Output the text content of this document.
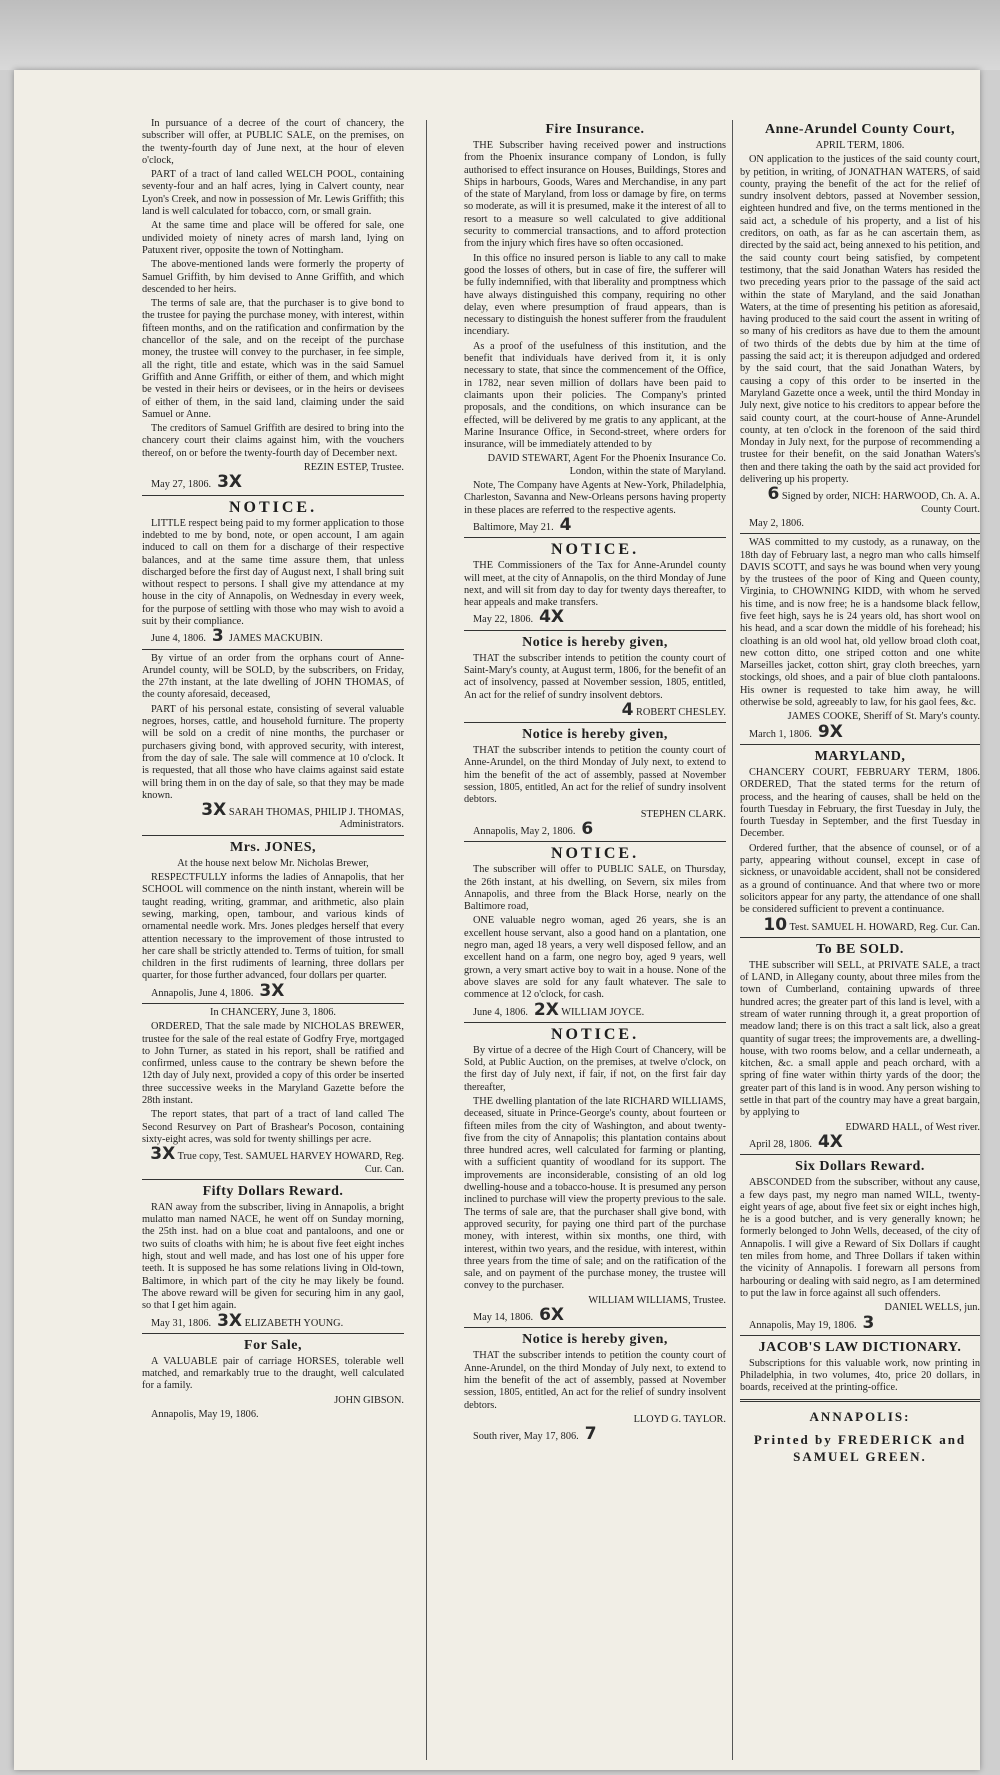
In pursuance of a decree of the court of chancery, the subscriber will offer, at PUBLIC SALE, on the premises, on the twenty-fourth day of June next, at the hour of eleven o'clock,

PART of a tract of land called WELCH POOL, containing seventy-four and an half acres, lying in Calvert county, near Lyon's Creek, and now in possession of Mr. Lewis Griffith; this land is well calculated for tobacco, corn, or small grain.

At the same time and place will be offered for sale, one undivided moiety of ninety acres of marsh land, lying on Patuxent river, opposite the town of Nottingham.

The above-mentioned lands were formerly the property of Samuel Griffith, by him devised to Anne Griffith, and which descended to her heirs.

The terms of sale are, that the purchaser is to give bond to the trustee for paying the purchase money, with interest, within fifteen months, and on the ratification and confirmation by the chancellor of the sale, and on the receipt of the purchase money, the trustee will convey to the purchaser, in fee simple, all the right, title and estate, which was in the said Samuel Griffith and Anne Griffith, or either of them, and which might be vested in their heirs or devisees, or in the heirs or devisees of either of them, in the said land, claiming under the said Samuel or Anne.

The creditors of Samuel Griffith are desired to bring into the chancery court their claims against him, with the vouchers thereof, on or before the twenty-fourth day of December next.

REZIN ESTEP, Trustee.

May 27, 1806. 3X

NOTICE.

LITTLE respect being paid to my former application to those indebted to me by bond, note, or open account, I am again induced to call on them for a discharge of their respective balances, and at the same time assure them, that unless discharged before the first day of August next, I shall bring suit without respect to persons. I shall give my attendance at my house in the city of Annapolis, on Wednesday in every week, for the purpose of settling with those who may wish to avoid a suit by their compliance.

June 4, 1806. 3 JAMES MACKUBIN.

By virtue of an order from the orphans court of Anne-Arundel county, will be SOLD, by the subscribers, on Friday, the 27th instant, at the late dwelling of JOHN THOMAS, of the county aforesaid, deceased,

PART of his personal estate, consisting of several valuable negroes, horses, cattle, and household furniture. The property will be sold on a credit of nine months, the purchaser or purchasers giving bond, with approved security, with interest, from the day of sale. The sale will commence at 10 o'clock. It is requested, that all those who have claims against said estate will bring them in on the day of sale, so that they may be made known.

3X SARAH THOMAS, PHILIP J. THOMAS, Administrators.

Mrs. JONES,

At the house next below Mr. Nicholas Brewer,

RESPECTFULLY informs the ladies of Annapolis, that her SCHOOL will commence on the ninth instant, wherein will be taught reading, writing, grammar, and arithmetic, also plain sewing, marking, open, tambour, and various kinds of ornamental needle work. Mrs. Jones pledges herself that every attention necessary to the improvement of those intrusted to her care shall be strictly attended to. Terms of tuition, for small children in the first rudiments of learning, three dollars per quarter, for those further advanced, four dollars per quarter.

Annapolis, June 4, 1806. 3X

In CHANCERY, June 3, 1806.

ORDERED, That the sale made by NICHOLAS BREWER, trustee for the sale of the real estate of Godfry Frye, mortgaged to John Turner, as stated in his report, shall be ratified and confirmed, unless cause to the contrary be shewn before the 12th day of July next, provided a copy of this order be inserted three successive weeks in the Maryland Gazette before the 28th instant.

The report states, that part of a tract of land called The Second Resurvey on Part of Brashear's Pocoson, containing sixty-eight acres, was sold for twenty shillings per acre.

3X True copy, Test. SAMUEL HARVEY HOWARD, Reg. Cur. Can.

Fifty Dollars Reward.

RAN away from the subscriber, living in Annapolis, a bright mulatto man named NACE, he went off on Sunday morning, the 25th inst. had on a blue coat and pantaloons, and one or two suits of cloaths with him; he is about five feet eight inches high, stout and well made, and has lost one of his upper fore teeth. It is supposed he has some relations living in Old-town, Baltimore, in which part of the city he may likely be found. The above reward will be given for securing him in any gaol, so that I get him again.

May 31, 1806. 3X ELIZABETH YOUNG.

For Sale,

A VALUABLE pair of carriage HORSES, tolerable well matched, and remarkably true to the draught, well calculated for a family.

JOHN GIBSON.

Annapolis, May 19, 1806.

Fire Insurance.

THE Subscriber having received power and instructions from the Phoenix insurance company of London, is fully authorised to effect insurance on Houses, Buildings, Stores and Ships in harbours, Goods, Wares and Merchandise, in any part of the state of Maryland, from loss or damage by fire, on terms so moderate, as will it is presumed, make it the interest of all to resort to a measure so well calculated to give additional security to commercial transactions, and to afford protection from the injury which fires have so often occasioned.

In this office no insured person is liable to any call to make good the losses of others, but in case of fire, the sufferer will be fully indemnified, with that liberality and promptness which have always distinguished this company, requiring no other delay, even where presumption of fraud appears, than is necessary to distinguish the honest sufferer from the fraudulent incendiary.

As a proof of the usefulness of this institution, and the benefit that individuals have derived from it, it is only necessary to state, that since the commencement of the Office, in 1782, near seven million of dollars have been paid to claimants upon their policies. The Company's printed proposals, and the conditions, on which insurance can be effected, will be delivered by me gratis to any applicant, at the Marine Insurance Office, in Second-street, where orders for insurance, will be immediately attended to by

DAVID STEWART, Agent For the Phoenix Insurance Co. London, within the state of Maryland.

Note, The Company have Agents at New-York, Philadelphia, Charleston, Savanna and New-Orleans persons having property in these places are referred to the respective agents.

Baltimore, May 21. 4

NOTICE.

THE Commissioners of the Tax for Anne-Arundel county will meet, at the city of Annapolis, on the third Monday of June next, and will sit from day to day for twenty days thereafter, to hear appeals and make transfers.

May 22, 1806. 4X

Notice is hereby given,

THAT the subscriber intends to petition the county court of Saint-Mary's county, at August term, 1806, for the benefit of an act of insolvency, passed at November session, 1805, entitled, An act for the relief of sundry insolvent debtors.

4 ROBERT CHESLEY.

Notice is hereby given,

THAT the subscriber intends to petition the county court of Anne-Arundel, on the third Monday of July next, to extend to him the benefit of the act of assembly, passed at November session, 1805, entitled, An act for the relief of sundry insolvent debtors.

STEPHEN CLARK.

Annapolis, May 2, 1806. 6

NOTICE.

The subscriber will offer to PUBLIC SALE, on Thursday, the 26th instant, at his dwelling, on Severn, six miles from Annapolis, and three from the Black Horse, nearly on the Baltimore road,

ONE valuable negro woman, aged 26 years, she is an excellent house servant, also a good hand on a plantation, one negro man, aged 18 years, a very well disposed fellow, and an excellent hand on a farm, one negro boy, aged 9 years, well grown, a very smart active boy to wait in a house. None of the above slaves are sold for any fault whatever. The sale to commence at 12 o'clock, for cash.

June 4, 1806. 2X WILLIAM JOYCE.

NOTICE.

By virtue of a decree of the High Court of Chancery, will be Sold, at Public Auction, on the premises, at twelve o'clock, on the first day of July next, if fair, if not, on the first fair day thereafter,

THE dwelling plantation of the late RICHARD WILLIAMS, deceased, situate in Prince-George's county, about fourteen or fifteen miles from the city of Washington, and about twenty-five from the city of Annapolis; this plantation contains about three hundred acres, well calculated for farming or planting, with a sufficient quantity of woodland for its support. The improvements are inconsiderable, consisting of an old log dwelling-house and a tobacco-house. It is presumed any person inclined to purchase will view the property previous to the sale. The terms of sale are, that the purchaser shall give bond, with approved security, for paying one third part of the purchase money, with interest, within six months, one third, with interest, within two years, and the residue, with interest, within three years from the time of sale; and on the ratification of the sale, and on payment of the purchase money, the trustee will convey to the purchaser.

WILLIAM WILLIAMS, Trustee.

May 14, 1806. 6X

Notice is hereby given,

THAT the subscriber intends to petition the county court of Anne-Arundel, on the third Monday of July next, to extend to him the benefit of the act of assembly, passed at November session, 1805, entitled, An act for the relief of sundry insolvent debtors.

LLOYD G. TAYLOR.

South river, May 17, 806. 7

Anne-Arundel County Court,

APRIL TERM, 1806.

ON application to the justices of the said county court, by petition, in writing, of JONATHAN WATERS, of said county, praying the benefit of the act for the relief of sundry insolvent debtors, passed at November session, eighteen hundred and five, on the terms mentioned in the said act, a schedule of his property, and a list of his creditors, on oath, as far as he can ascertain them, as directed by the said act, being annexed to his petition, and the said county court being satisfied, by competent testimony, that the said Jonathan Waters has resided the two preceding years prior to the passage of the said act within the state of Maryland, and the said Jonathan Waters, at the time of presenting his petition as aforesaid, having produced to the said court the assent in writing of so many of his creditors as have due to them the amount of two thirds of the debts due by him at the time of passing the said act; it is thereupon adjudged and ordered by the said court, that the said Jonathan Waters, by causing a copy of this order to be inserted in the Maryland Gazette once a week, until the third Monday in July next, give notice to his creditors to appear before the said county court, at the court-house of Anne-Arundel county, at ten o'clock in the forenoon of the said third Monday in July next, for the purpose of recommending a trustee for their benefit, on the said Jonathan Waters's then and there taking the oath by the said act provided for delivering up his property.

6 Signed by order, NICH: HARWOOD, Ch. A. A. County Court.

May 2, 1806.

WAS committed to my custody, as a runaway, on the 18th day of February last, a negro man who calls himself DAVIS SCOTT, and says he was bound when very young by the trustees of the poor of King and Queen county, Virginia, to CHOWNING KIDD, with whom he served his time, and is now free; he is a handsome black fellow, five feet high, says he is 24 years old, has short wool on his head, and a scar down the middle of his forehead; his cloathing is an old wool hat, old yellow broad cloth coat, new cotton ditto, one striped cotton and one white Marseilles jacket, cotton shirt, gray cloth breeches, yarn stockings, old shoes, and a pair of blue cloth pantaloons. His owner is requested to take him away, he will otherwise be sold, agreeably to law, for his gaol fees, &c.

JAMES COOKE, Sheriff of St. Mary's county.

March 1, 1806. 9X

MARYLAND,

CHANCERY COURT, FEBRUARY TERM, 1806. ORDERED, That the stated terms for the return of process, and the hearing of causes, shall be held on the fourth Tuesday in February, the first Tuesday in July, the fourth Tuesday in September, and the first Tuesday in December.

Ordered further, that the absence of counsel, or of a party, appearing without counsel, except in case of sickness, or unavoidable accident, shall not be considered as a ground of continuance. And that where two or more solicitors appear for any party, the attendance of one shall be considered sufficient to prevent a continuance.

10 Test. SAMUEL H. HOWARD, Reg. Cur. Can.

To BE SOLD.

THE subscriber will SELL, at PRIVATE SALE, a tract of LAND, in Allegany county, about three miles from the town of Cumberland, containing upwards of three hundred acres; the greater part of this land is level, with a stream of water running through it, a great proportion of meadow land; there is on this tract a salt lick, also a great quantity of sugar trees; the improvements are, a dwelling-house, with two rooms below, and a cellar underneath, a kitchen, &c. a small apple and peach orchard, with a spring of fine water within thirty yards of the door; the greater part of this land is in wood. Any person wishing to settle in that part of the country may have a great bargain, by applying to

EDWARD HALL, of West river.

April 28, 1806. 4X

Six Dollars Reward.

ABSCONDED from the subscriber, without any cause, a few days past, my negro man named WILL, twenty-eight years of age, about five feet six or eight inches high, he is a good butcher, and is very generally known; he formerly belonged to John Wells, deceased, of the city of Annapolis. I will give a Reward of Six Dollars if caught ten miles from home, and Three Dollars if taken within the vicinity of Annapolis. I forewarn all persons from harbouring or dealing with said negro, as I am determined to put the law in force against all such offenders.

DANIEL WELLS, jun.

Annapolis, May 19, 1806. 3

JACOB'S LAW DICTIONARY.

Subscriptions for this valuable work, now printing in Philadelphia, in two volumes, 4to, price 20 dollars, in boards, received at the printing-office.

ANNAPOLIS:
Printed by FREDERICK and SAMUEL GREEN.
